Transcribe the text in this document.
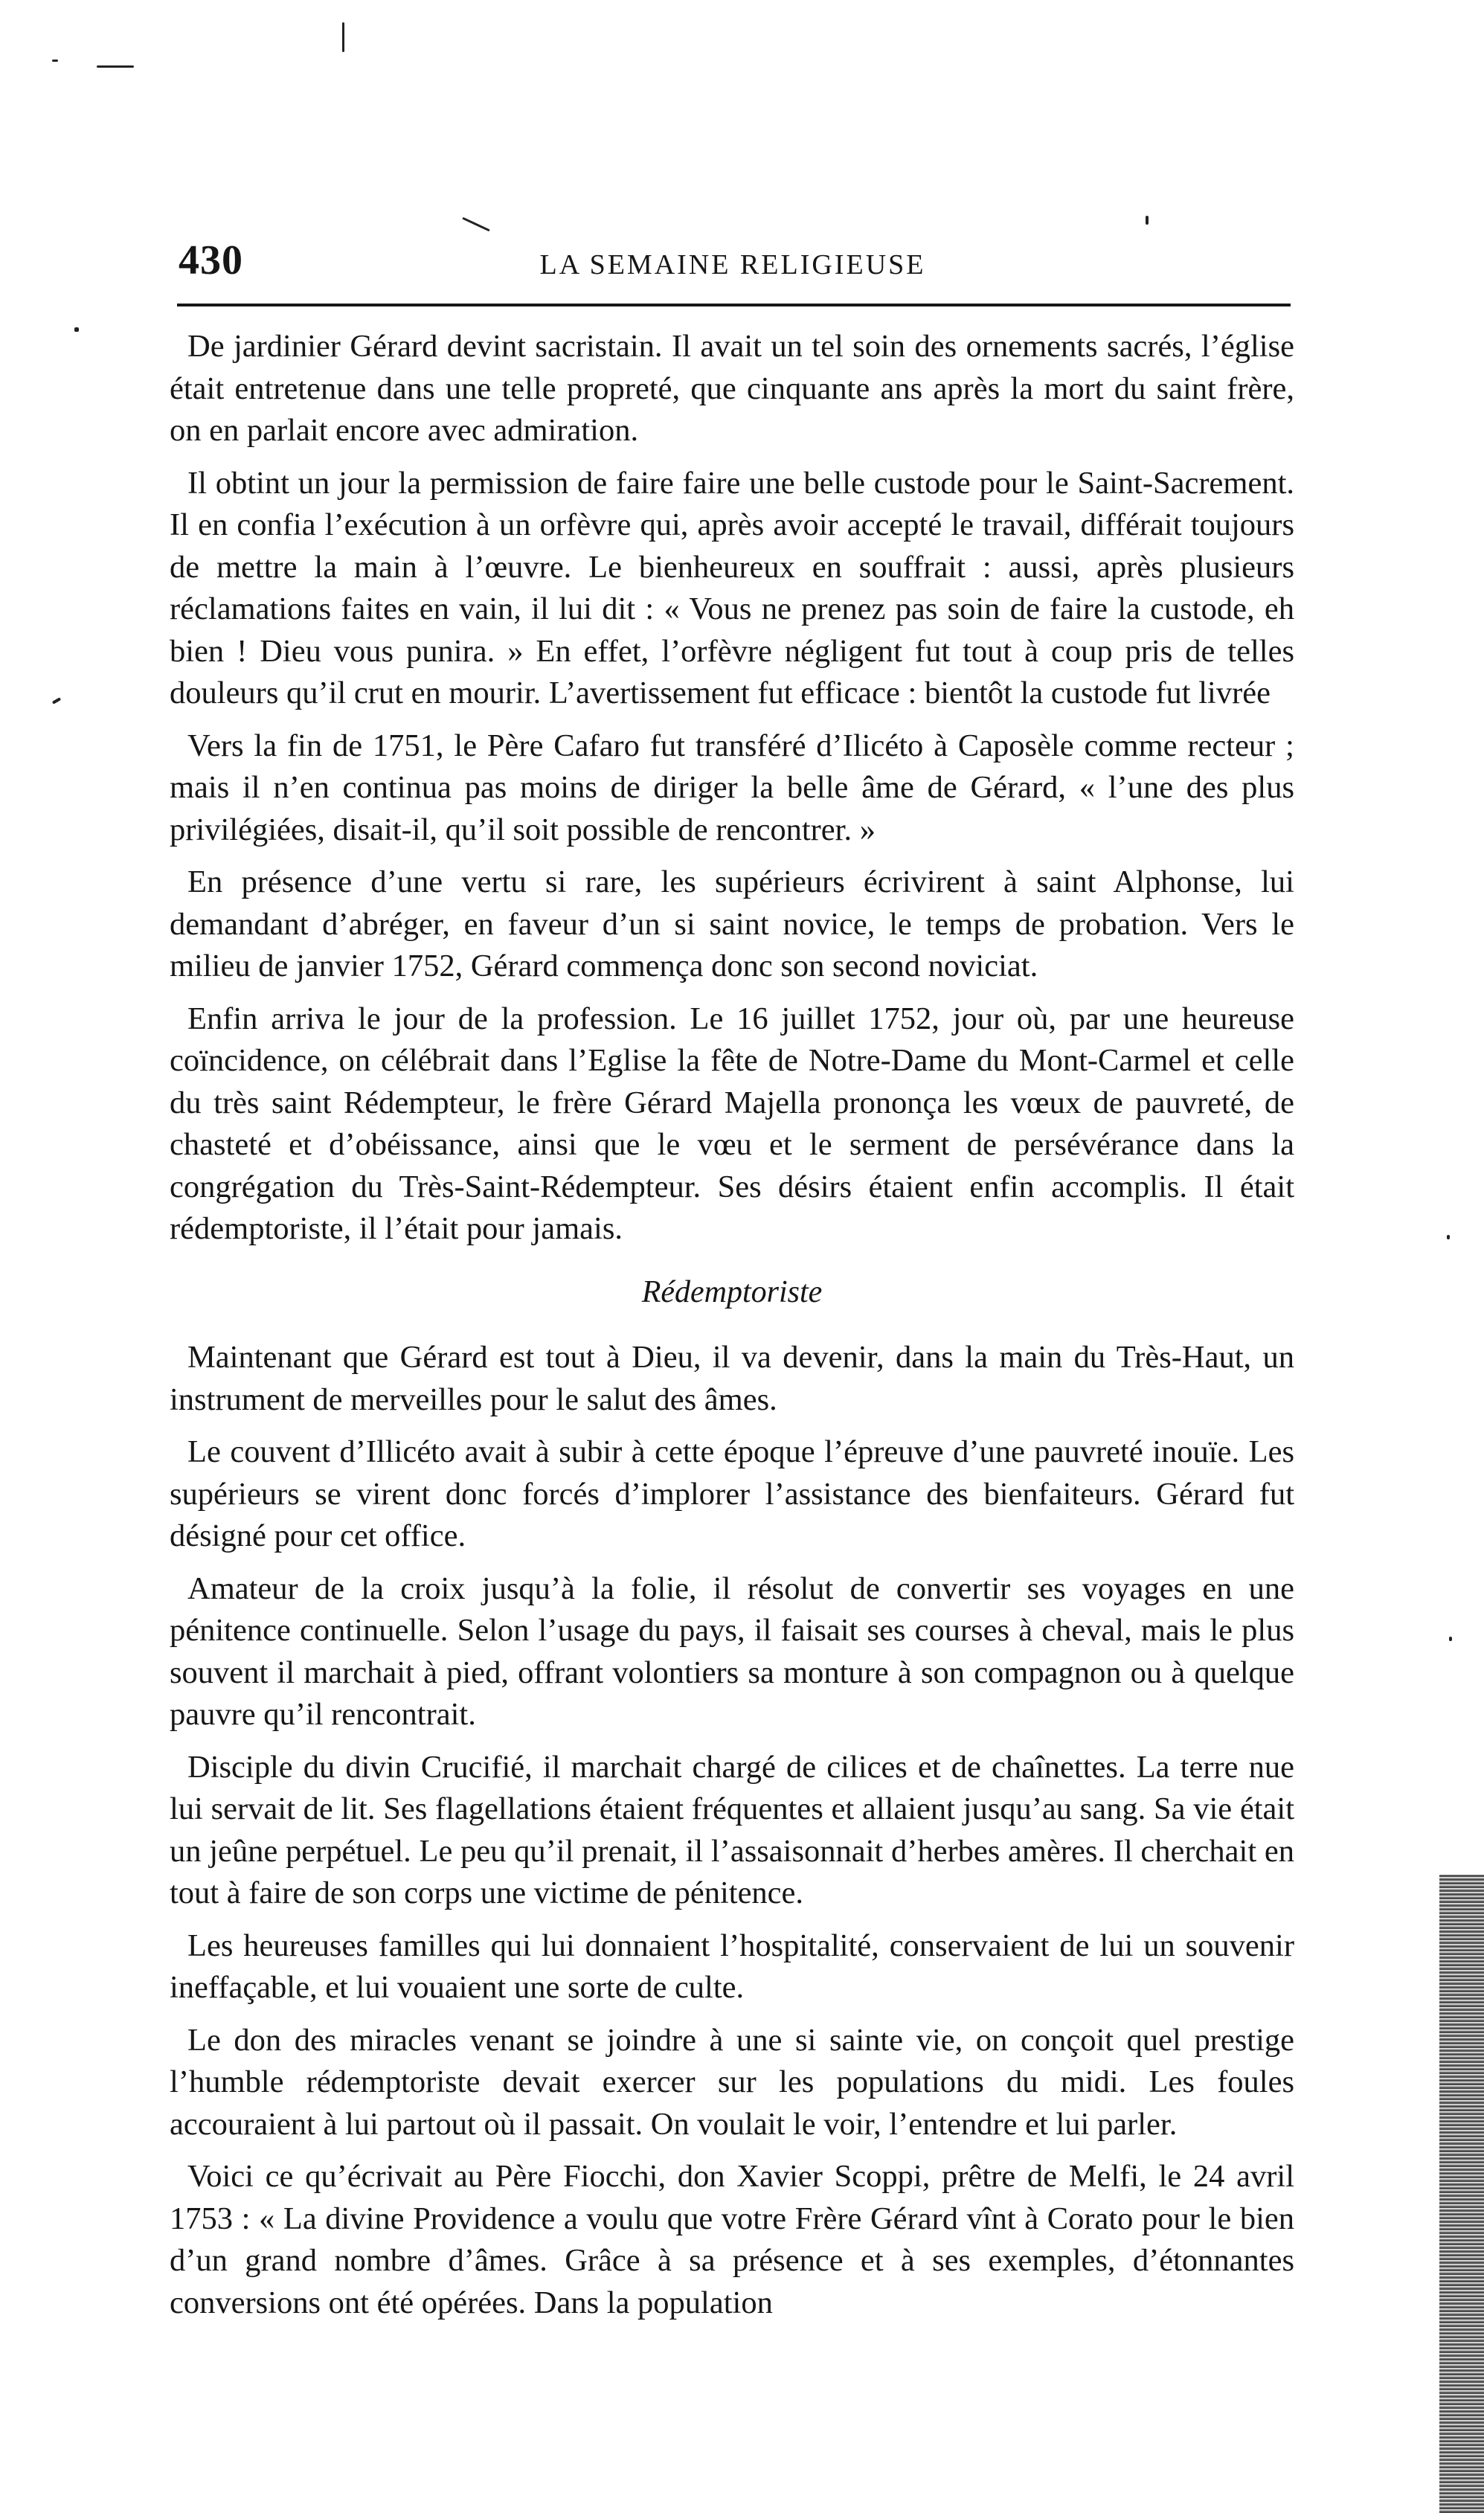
430	LA SEMAINE RELIGIEUSE

De jardinier Gérard devint sacristain. Il avait un tel soin des ornements sacrés, l’église était entretenue dans une telle propreté, que cinquante ans après la mort du saint frère, on en parlait encore avec admiration.

Il obtint un jour la permission de faire faire une belle custode pour le Saint-Sacrement. Il en confia l’exécution à un orfèvre qui, après avoir accepté le travail, différait toujours de mettre la main à l’œuvre. Le bienheureux en souffrait : aussi, après plusieurs réclamations faites en vain, il lui dit : « Vous ne prenez pas soin de faire la custode, eh bien ! Dieu vous punira. » En effet, l’orfèvre négligent fut tout à coup pris de telles douleurs qu’il crut en mourir. L’avertissement fut efficace : bientôt la custode fut livrée

Vers la fin de 1751, le Père Cafaro fut transféré d’Ilicéto à Caposèle comme recteur ; mais il n’en continua pas moins de diriger la belle âme de Gérard, « l’une des plus privilégiées, disait-il, qu’il soit possible de rencontrer. »

En présence d’une vertu si rare, les supérieurs écrivirent à saint Alphonse, lui demandant d’abréger, en faveur d’un si saint novice, le temps de probation. Vers le milieu de janvier 1752, Gérard commença donc son second noviciat.

Enfin arriva le jour de la profession. Le 16 juillet 1752, jour où, par une heureuse coïncidence, on célébrait dans l’Eglise la fête de Notre-Dame du Mont-Carmel et celle du très saint Rédempteur, le frère Gérard Majella prononça les vœux de pauvreté, de chasteté et d’obéissance, ainsi que le vœu et le serment de persévérance dans la congrégation du Très-Saint-Rédempteur. Ses désirs étaient enfin accomplis. Il était rédemptoriste, il l’était pour jamais.

Rédemptoriste

Maintenant que Gérard est tout à Dieu, il va devenir, dans la main du Très-Haut, un instrument de merveilles pour le salut des âmes.

Le couvent d’Illicéto avait à subir à cette époque l’épreuve d’une pauvreté inouïe. Les supérieurs se virent donc forcés d’implorer l’assistance des bienfaiteurs. Gérard fut désigné pour cet office.

Amateur de la croix jusqu’à la folie, il résolut de convertir ses voyages en une pénitence continuelle. Selon l’usage du pays, il faisait ses courses à cheval, mais le plus souvent il marchait à pied, offrant volontiers sa monture à son compagnon ou à quelque pauvre qu’il rencontrait.

Disciple du divin Crucifié, il marchait chargé de cilices et de chaînettes. La terre nue lui servait de lit. Ses flagellations étaient fréquentes et allaient jusqu’au sang. Sa vie était un jeûne perpétuel. Le peu qu’il prenait, il l’assaisonnait d’herbes amères. Il cherchait en tout à faire de son corps une victime de pénitence.

Les heureuses familles qui lui donnaient l’hospitalité, conservaient de lui un souvenir ineffaçable, et lui vouaient une sorte de culte.

Le don des miracles venant se joindre à une si sainte vie, on conçoit quel prestige l’humble rédemptoriste devait exercer sur les populations du midi. Les foules accouraient à lui partout où il passait. On voulait le voir, l’entendre et lui parler.

Voici ce qu’écrivait au Père Fiocchi, don Xavier Scoppi, prêtre de Melfi, le 24 avril 1753 : « La divine Providence a voulu que votre Frère Gérard vînt à Corato pour le bien d’un grand nombre d’âmes. Grâce à sa présence et à ses exemples, d’étonnantes conversions ont été opérées. Dans la population
